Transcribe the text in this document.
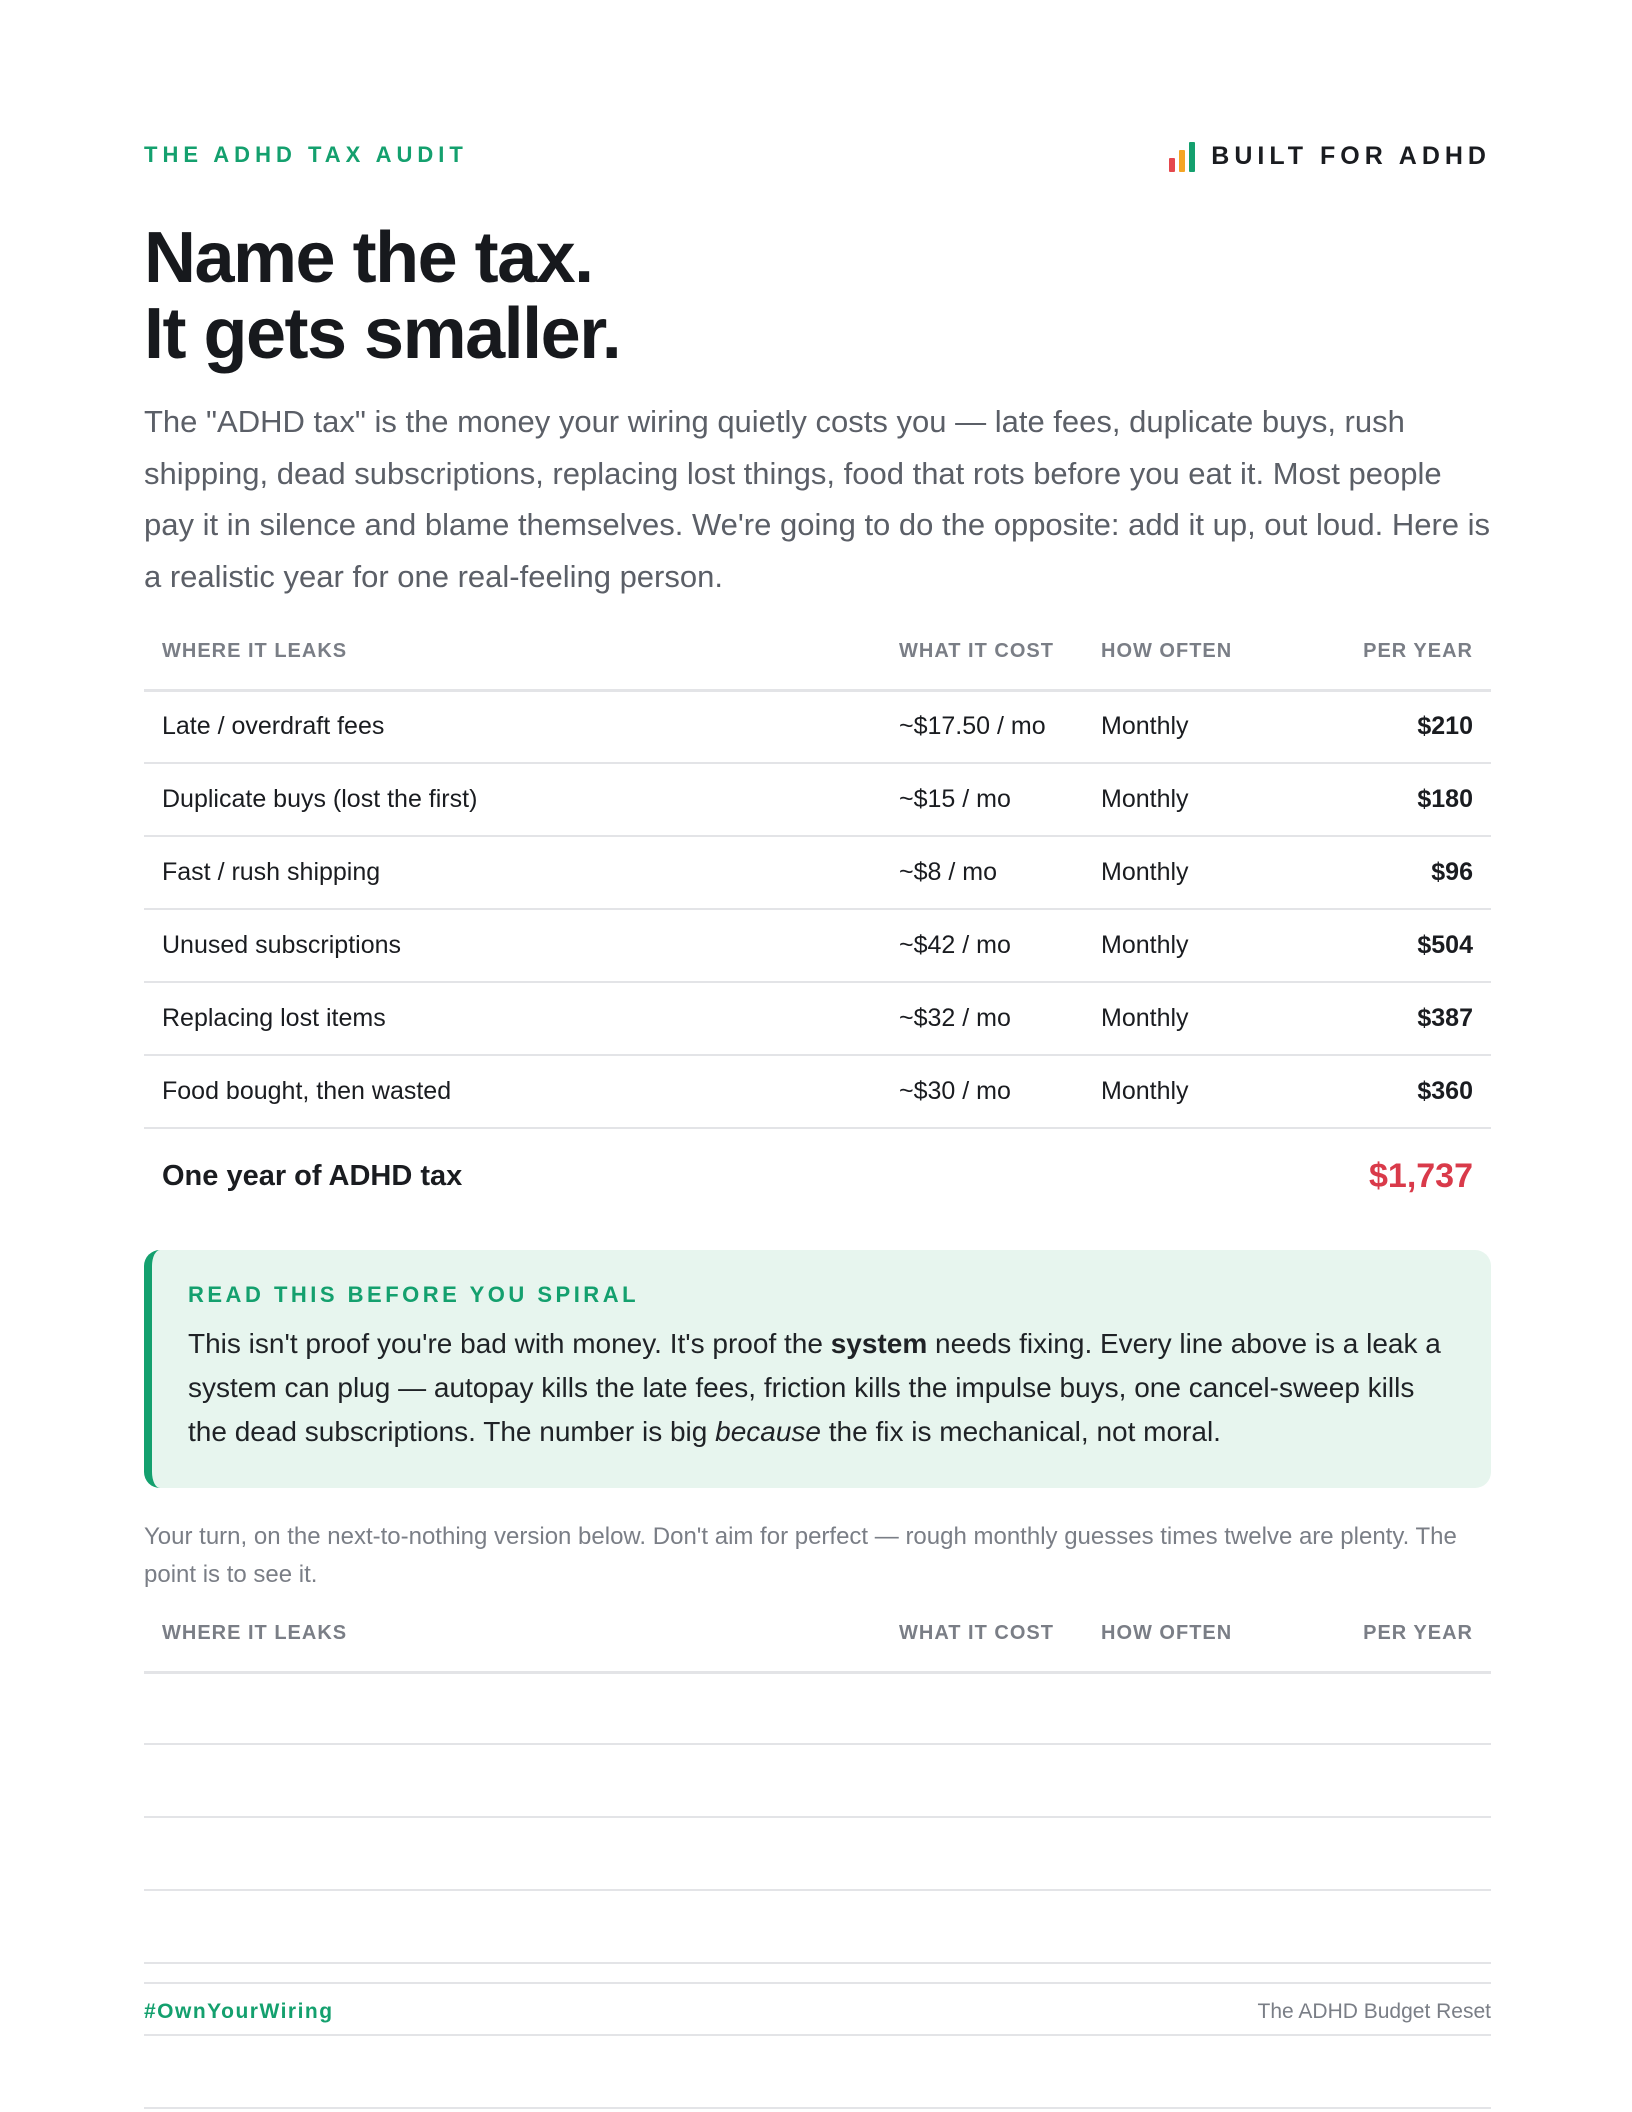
THE ADHD TAX AUDIT	BUILT FOR ADHD
Name the tax.
It gets smaller.

The "ADHD tax" is the money your wiring quietly costs you — late fees, duplicate buys, rush shipping, dead subscriptions, replacing lost things, food that rots before you eat it. Most people pay it in silence and blame themselves. We're going to do the opposite: add it up, out loud. Here is a realistic year for one real-feeling person.

WHERE IT LEAKS	WHAT IT COST	HOW OFTEN	PER YEAR
Late / overdraft fees	~$17.50 / mo	Monthly	$210
Duplicate buys (lost the first)	~$15 / mo	Monthly	$180
Fast / rush shipping	~$8 / mo	Monthly	$96
Unused subscriptions	~$42 / mo	Monthly	$504
Replacing lost items	~$32 / mo	Monthly	$387
Food bought, then wasted	~$30 / mo	Monthly	$360
One year of ADHD tax			$1,737
READ THIS BEFORE YOU SPIRAL

This isn't proof you're bad with money. It's proof the system needs fixing. Every line above is a leak a system can plug — autopay kills the late fees, friction kills the impulse buys, one cancel-sweep kills the dead subscriptions. The number is big because the fix is mechanical, not moral.

Your turn, on the next-to-nothing version below. Don't aim for perfect — rough monthly guesses times twelve are plenty. The point is to see it.

WHERE IT LEAKS	WHAT IT COST	HOW OFTEN	PER YEAR
#OwnYourWiring	The ADHD Budget Reset
